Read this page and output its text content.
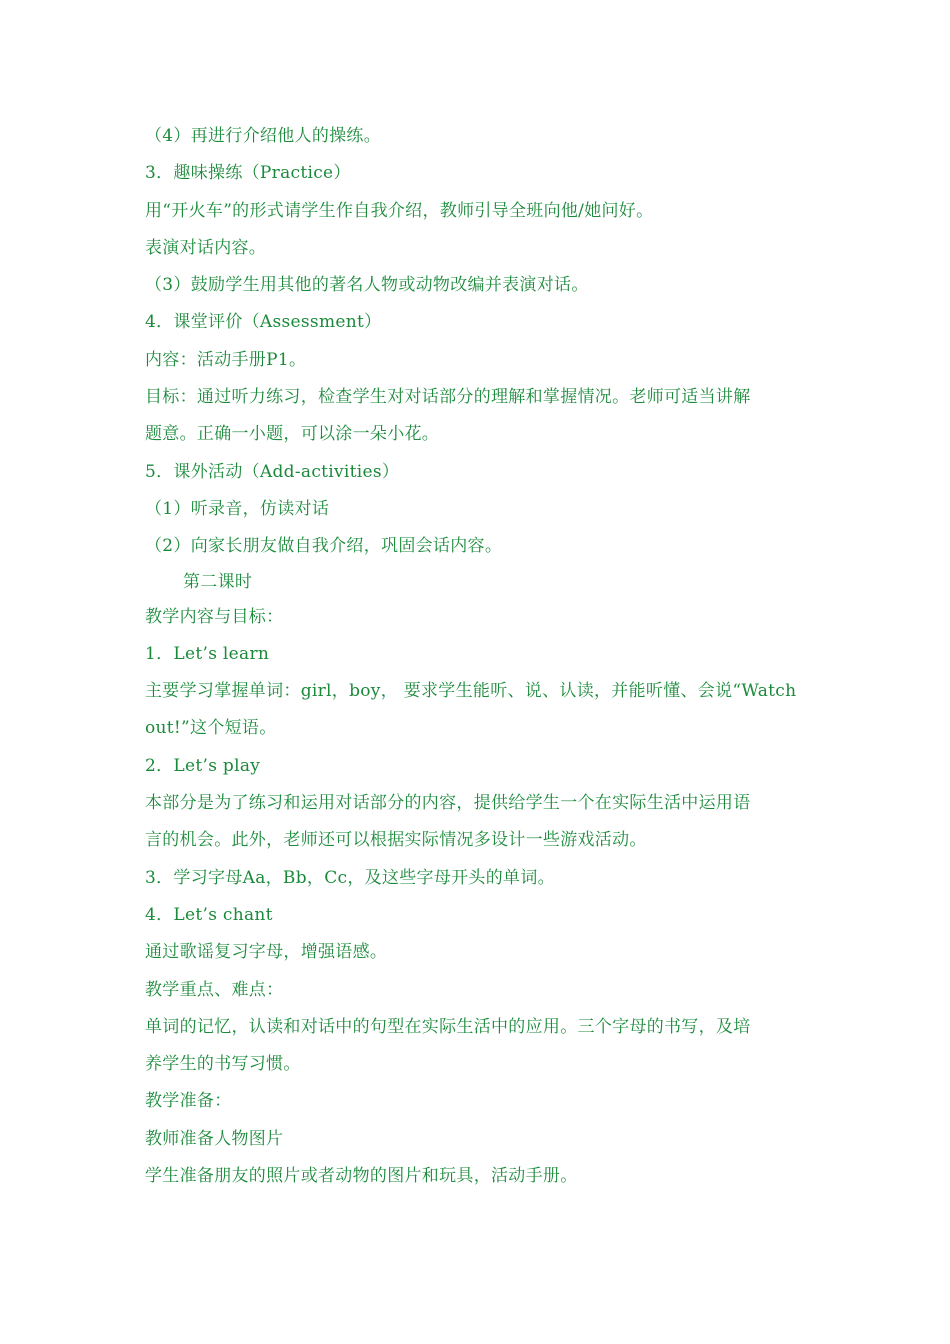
（4）再进行介绍他人的操练。
3．趣味操练（Practice）
用“开火车”的形式请学生作自我介绍，教师引导全班向他/她问好。
表演对话内容。
（3）鼓励学生用其他的著名人物或动物改编并表演对话。
4．课堂评价（Assessment）
内容：活动手册P1。
目标：通过听力练习，检查学生对对话部分的理解和掌握情况。老师可适当讲解
题意。正确一小题，可以涂一朵小花。
5．课外活动（Add-activities）
（1）听录音，仿读对话
（2）向家长朋友做自我介绍，巩固会话内容。
第二课时
教学内容与目标：
1．Let’s learn
主要学习掌握单词：girl，boy， 要求学生能听、说、认读，并能听懂、会说“Watch
out!”这个短语。
2．Let’s play
本部分是为了练习和运用对话部分的内容，提供给学生一个在实际生活中运用语
言的机会。此外，老师还可以根据实际情况多设计一些游戏活动。
3．学习字母Aa，Bb，Cc，及这些字母开头的单词。
4．Let’s chant
通过歌谣复习字母，增强语感。
教学重点、难点：
单词的记忆，认读和对话中的句型在实际生活中的应用。三个字母的书写，及培
养学生的书写习惯。
教学准备：
教师准备人物图片
学生准备朋友的照片或者动物的图片和玩具，活动手册。
